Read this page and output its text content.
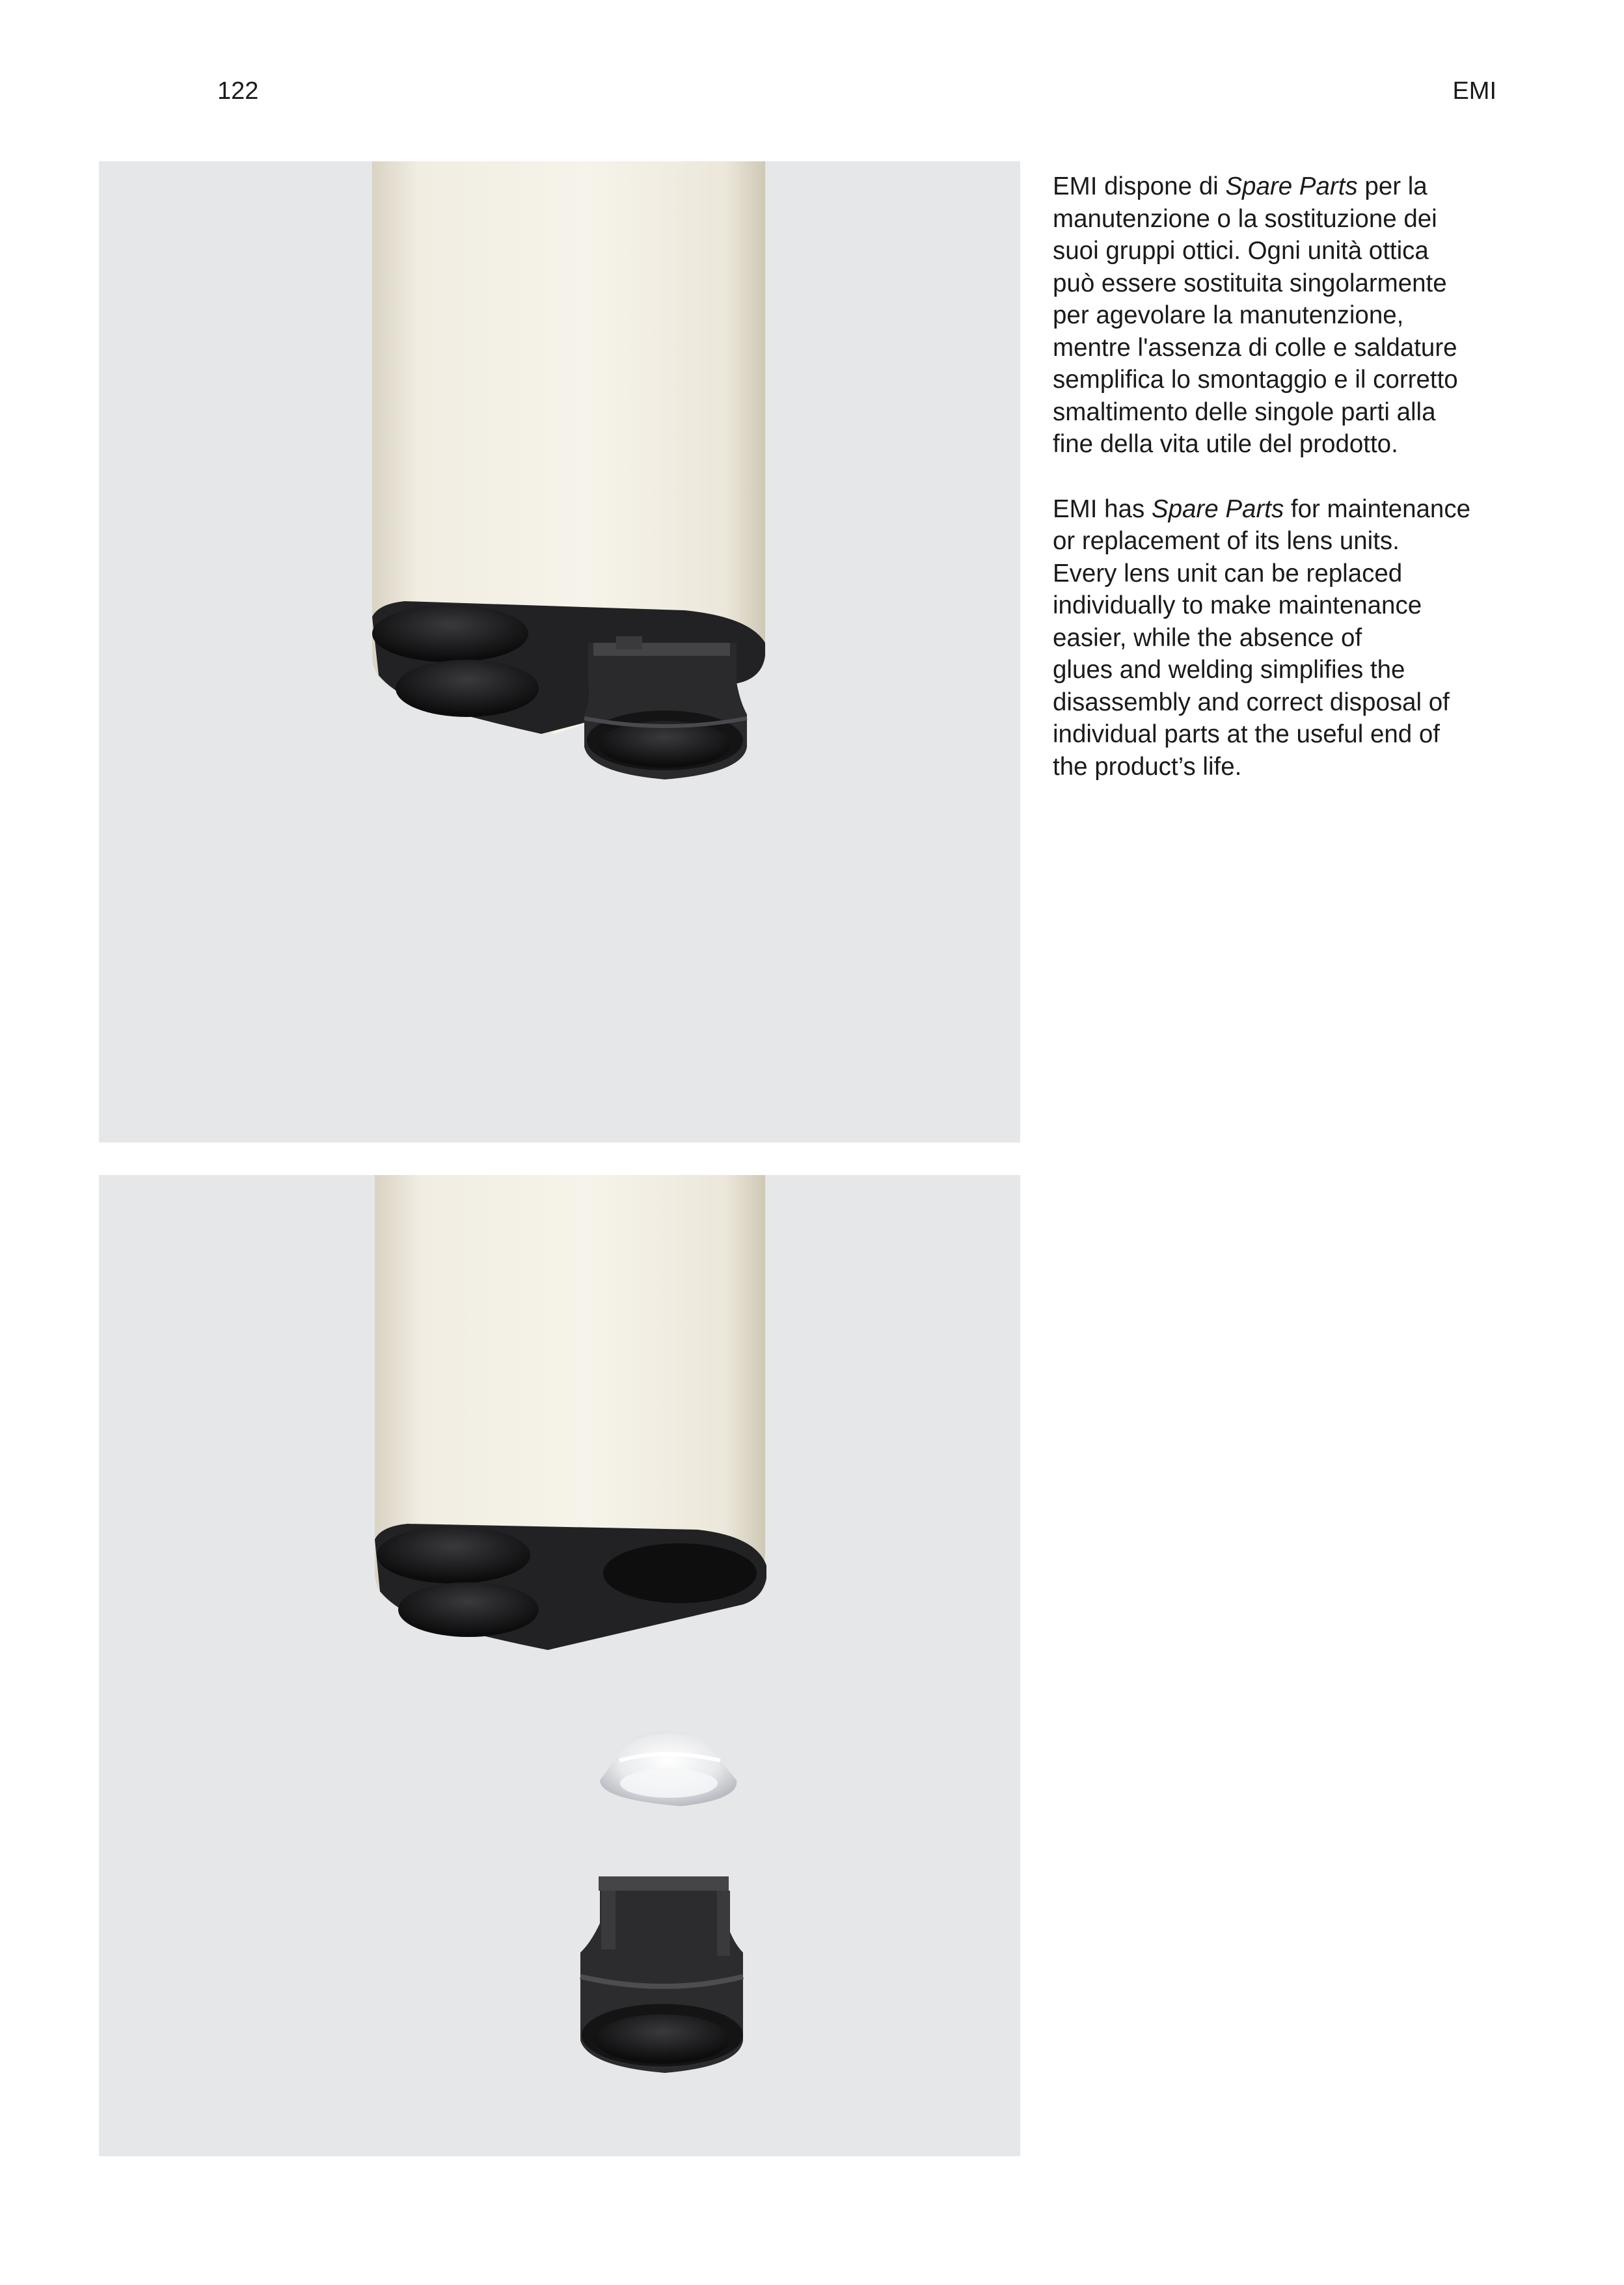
122	EMI

EMI dispone di Spare Parts per la
manutenzione o la sostituzione dei
suoi gruppi ottici. Ogni unità ottica
può essere sostituita singolarmente
per agevolare la manutenzione,
mentre l'assenza di colle e saldature
semplifica lo smontaggio e il corretto
smaltimento delle singole parti alla
fine della vita utile del prodotto.

EMI has Spare Parts for maintenance
or replacement of its lens units.
Every lens unit can be replaced
individually to make maintenance
easier, while the absence of
glues and welding simplifies the
disassembly and correct disposal of
individual parts at the useful end of
the product’s life.
